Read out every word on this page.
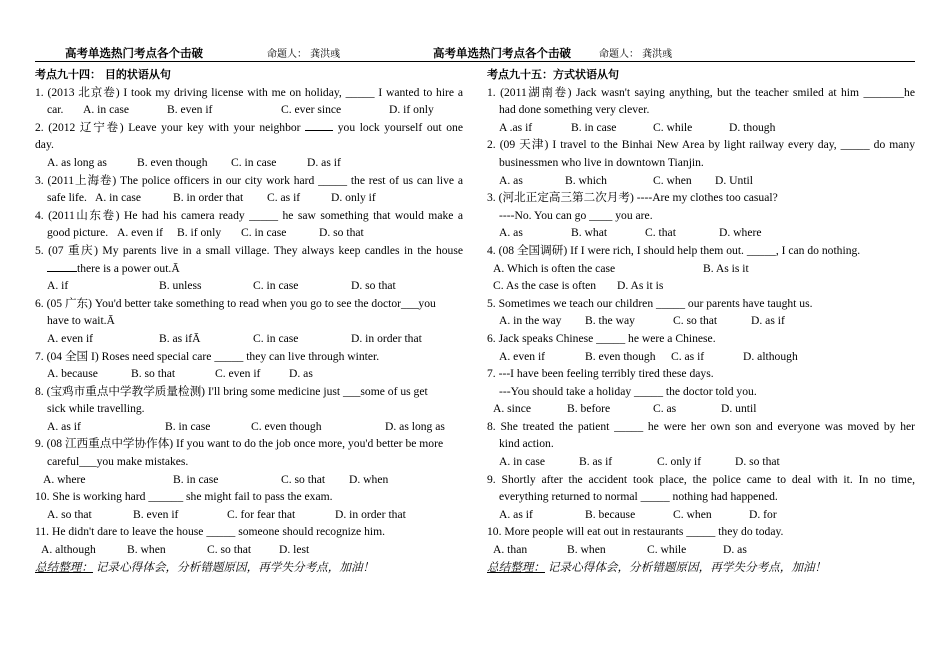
高考单选热门考点各个击破	命题人： 龚洪彧	高考单选热门考点各个击破	命题人： 龚洪彧
考点九十四： 目的状语从句
1. (2013 北京卷) I took my driving license with me on holiday, _____ I wanted to hire a
car. A. in case	B. even if	C. ever since	D. if only
2. (2012 辽宁卷) Leave your key with your neighbor	you lock yourself out one
day.
A. as long as	B. even though C. in case	D. as if
3. (2011上海卷) The police officers in our city work hard _____ the rest of us can live a
safe life. A. in case	B. in order that C. as if	D. only if
4. (2011山东卷) He had his camera ready _____ he saw something that would make a
good picture. A. even if B. if only C. in case	D. so that
5. (07 重庆) My parents live in a small village. They always keep candles in the house
there is a power out.Ā
A. if	B. unless	C. in case	D. so that
6. (05 广东) You'd better take something to read when you go to see the doctor___you
have to wait.Ā
A. even if	B. as ifĀ	C. in case	D. in order that
7. (04 全国 I) Roses need special care _____ they can live through winter.
A. because	B. so that	C. even if D. as
8. (宝鸡市重点中学教学质量检测) I'll bring some medicine just ___some of us get
sick while travelling.
A. as if	B. in case	C. even though	D. as long as
9. (08 江西重点中学协作体) If you want to do the job once more, you'd better be more
careful___you make mistakes.
A. where	B. in case	C. so that D. when
10. She is working hard ______ she might fail to pass the exam.
A. so that	B. even if	C. for fear that	D. in order that
11. He didn't dare to leave the house _____ someone should recognize him.
A. although	B. when	C. so that D. lest
总结整理： 记录心得体会，分析错题原因，再学失分考点，加油！
考点九十五：方式状语从句
1. (2011湖南卷) Jack wasn't saying anything, but the teacher smiled at him _______he
had done something very clever.
A .as if	B. in case	C. while	D. though
2. (09 天津) I travel to the Binhai New Area by light railway every day, _____ do many
businessmen who live in downtown Tianjin.
A. as	B. which	C. when D. Until
3. (河北正定高三第二次月考) ----Are my clothes too casual?
----No. You can go ____ you are.
A. as	B. what	C. that	D. where
4. (08 全国调研) If I were rich, I should help them out. _____, I can do nothing.
A. Which is often the case	B. As is it
C. As the case is often D. As it is
5. Sometimes we teach our children _____ our parents have taught us.
A. in the way B. the way	C. so that	D. as if
6. Jack speaks Chinese _____ he were a Chinese.
A. even if	B. even though C. as if	D. although
7. ---I have been feeling terribly tired these days.
---You should take a holiday _____ the doctor told you.
A. since	B. before	C. as	D. until
8. She treated the patient _____ he were her own son and everyone was moved by her
kind action.
A. in case	B. as if	C. only if	D. so that
9. Shortly after the accident took place, the police came to deal with it. In no time,
everything returned to normal _____ nothing had happened.
A. as if	B. because	C. when	D. for
10. More people will eat out in restaurants _____ they do today.
A. than	B. when	C. while	D. as
总结整理： 记录心得体会，分析错题原因，再学失分考点，加油！
